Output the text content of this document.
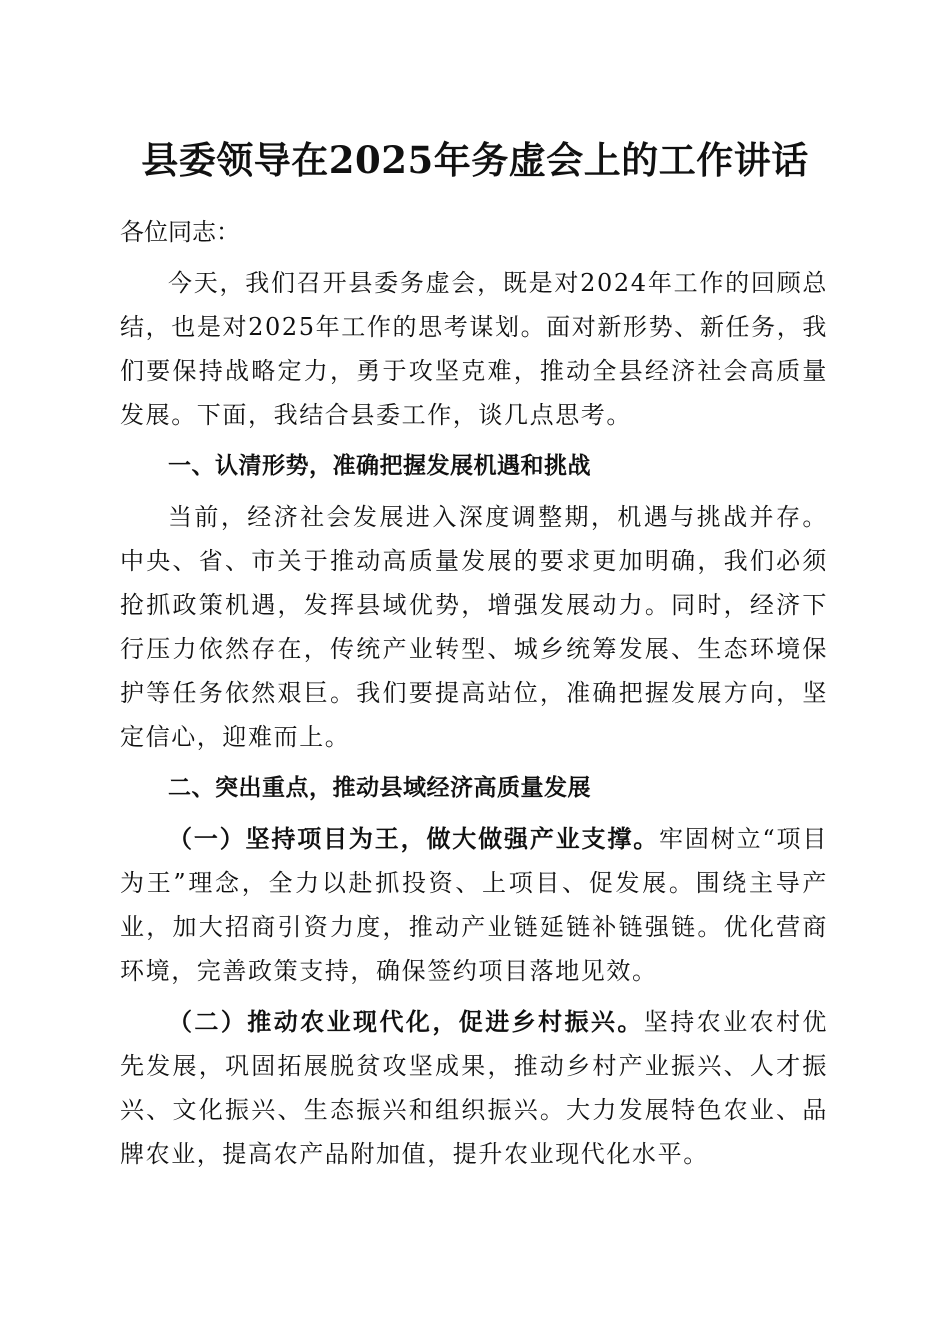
县委领导在2025年务虚会上的工作讲话

各位同志：

今天，我们召开县委务虚会，既是对2024年工作的回顾总结，也是对2025年工作的思考谋划。面对新形势、新任务，我们要保持战略定力，勇于攻坚克难，推动全县经济社会高质量发展。下面，我结合县委工作，谈几点思考。

一、认清形势，准确把握发展机遇和挑战

当前，经济社会发展进入深度调整期，机遇与挑战并存。中央、省、市关于推动高质量发展的要求更加明确，我们必须抢抓政策机遇，发挥县域优势，增强发展动力。同时，经济下行压力依然存在，传统产业转型、城乡统筹发展、生态环境保护等任务依然艰巨。我们要提高站位，准确把握发展方向，坚定信心，迎难而上。

二、突出重点，推动县域经济高质量发展

（一）坚持项目为王，做大做强产业支撑。牢固树立“项目为王”理念，全力以赴抓投资、上项目、促发展。围绕主导产业，加大招商引资力度，推动产业链延链补链强链。优化营商环境，完善政策支持，确保签约项目落地见效。

（二）推动农业现代化，促进乡村振兴。坚持农业农村优先发展，巩固拓展脱贫攻坚成果，推动乡村产业振兴、人才振兴、文化振兴、生态振兴和组织振兴。大力发展特色农业、品牌农业，提高农产品附加值，提升农业现代化水平。
